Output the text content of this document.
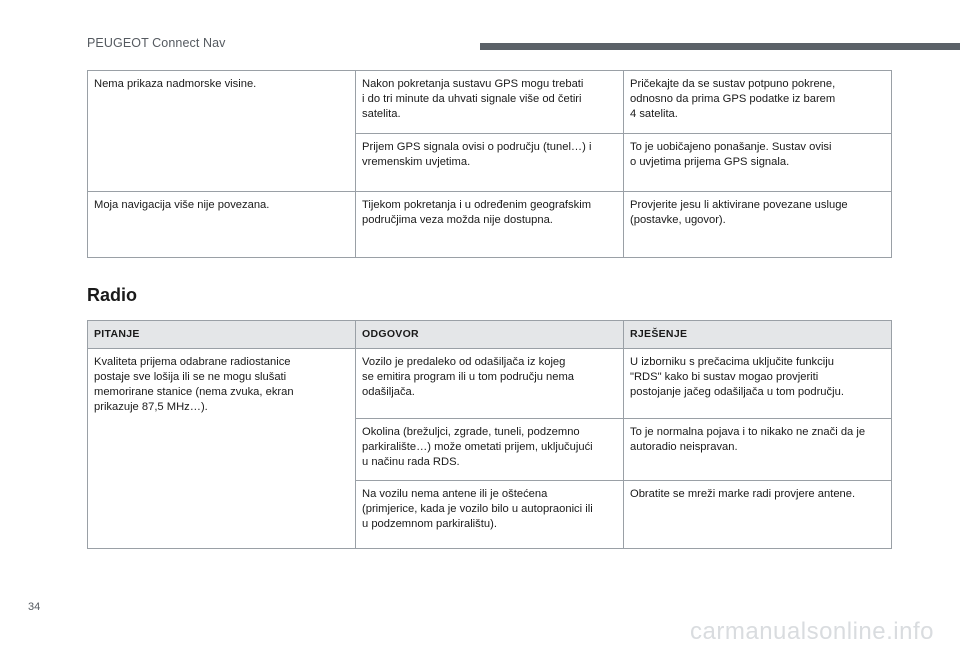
PEUGEOT Connect Nav
Nema prikaza nadmorske visine.	Nakon pokretanja sustavu GPS mogu trebati
i do tri minute da uhvati signale više od četiri
satelita.	Pričekajte da se sustav potpuno pokrene,
odnosno da prima GPS podatke iz barem
4 satelita.

	Prijem GPS signala ovisi o području (tunel…) i
vremenskim uvjetima.	To je uobičajeno ponašanje. Sustav ovisi
o uvjetima prijema GPS signala.

Moja navigacija više nije povezana.	Tijekom pokretanja i u određenim geografskim
područjima veza možda nije dostupna.	Provjerite jesu li aktivirane povezane usluge
(postavke, ugovor).
Radio
PITANJE	ODGOVOR	RJEŠENJE

Kvaliteta prijema odabrane radiostanice
postaje sve lošija ili se ne mogu slušati
memorirane stanice (nema zvuka, ekran
prikazuje 87,5 MHz…).	Vozilo je predaleko od odašiljača iz kojeg
se emitira program ili u tom području nema
odašiljača.	U izborniku s prečacima uključite funkciju
"RDS" kako bi sustav mogao provjeriti
postojanje jačeg odašiljača u tom području.

	Okolina (brežuljci, zgrade, tuneli, podzemno
parkiralište…) može ometati prijem, uključujući
u načinu rada RDS.	To je normalna pojava i to nikako ne znači da je
autoradio neispravan.

	Na vozilu nema antene ili je oštećena
(primjerice, kada je vozilo bilo u autopraonici ili
u podzemnom parkiralištu).	Obratite se mreži marke radi provjere antene.
34
carmanualsonline.info
